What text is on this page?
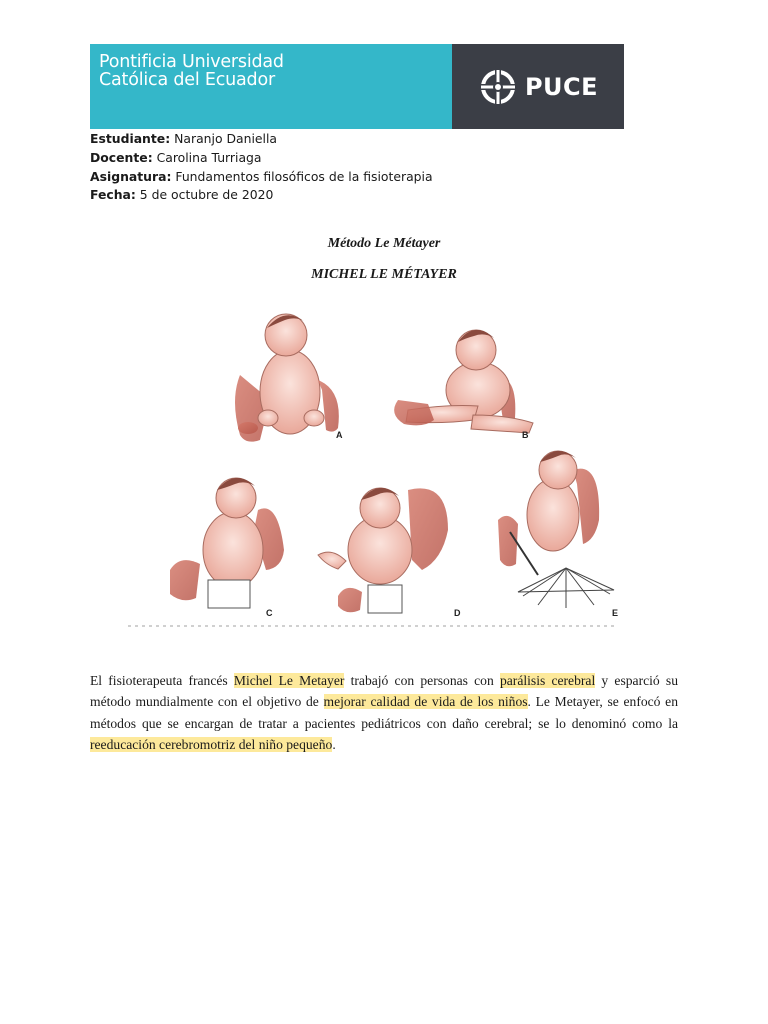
Pontificia Universidad
Católica del Ecuador	PUCE
Estudiante: Naranjo Daniella
Docente: Carolina Turriaga
Asignatura: Fundamentos filosóficos de la fisioterapia
Fecha: 5 de octubre de 2020
Método Le Métayer
MICHEL LE MÉTAYER
A	B
C	D	E
El fisioterapeuta francés Michel Le Metayer trabajó con personas con parálisis cerebral y esparció su método mundialmente con el objetivo de mejorar calidad de vida de los niños. Le Metayer, se enfocó en métodos que se encargan de tratar a pacientes pediátricos con daño cerebral; se lo denominó como la reeducación cerebromotriz del niño pequeño.
